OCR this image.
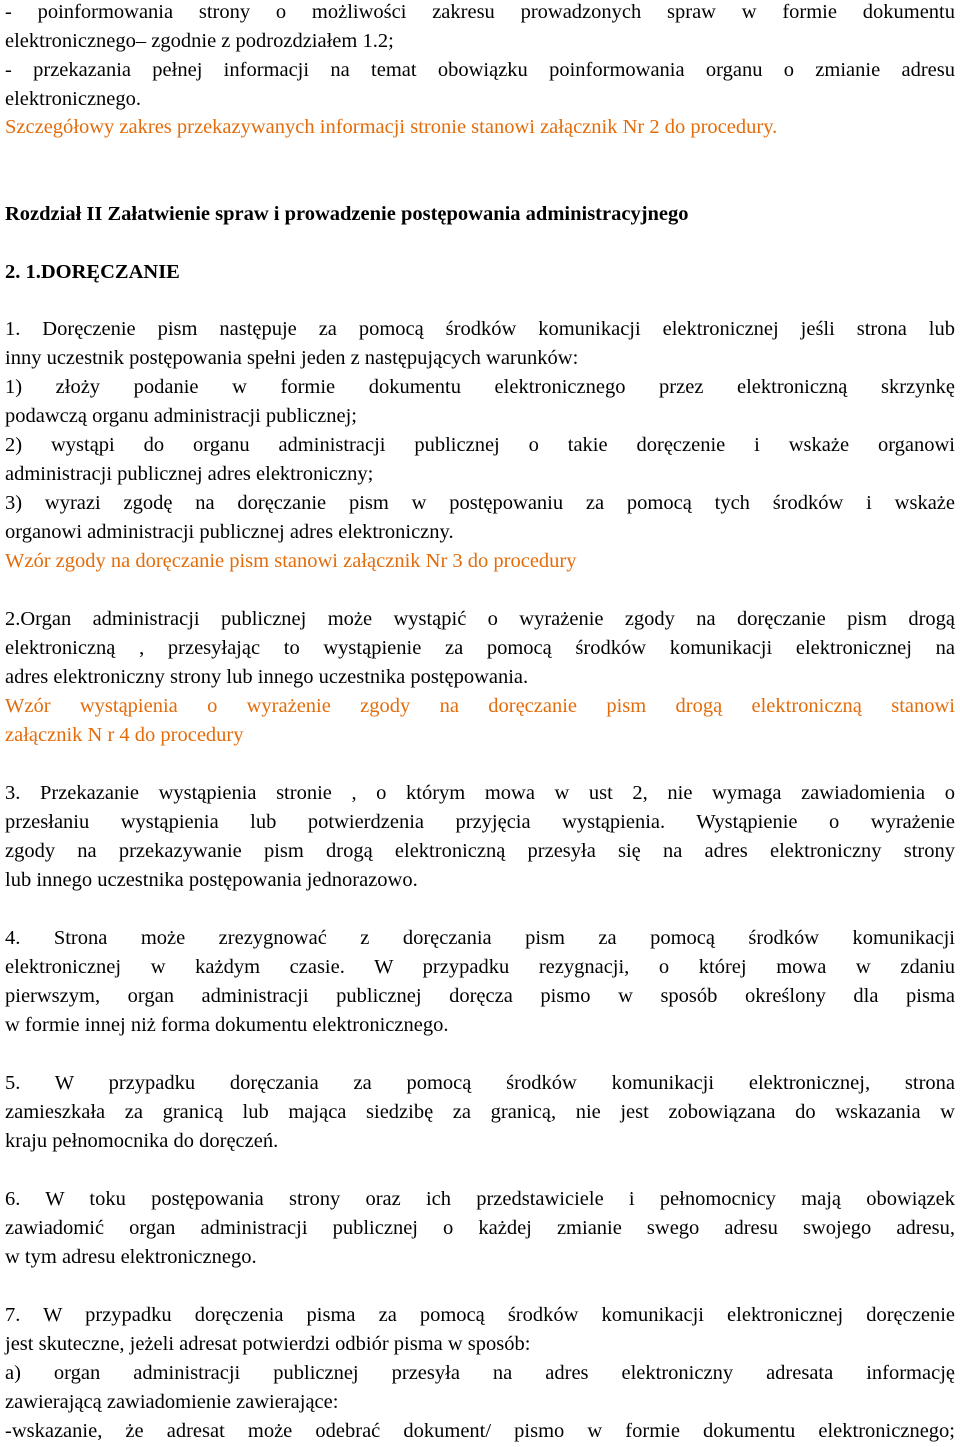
- poinformowania strony o możliwości zakresu prowadzonych spraw w formie dokumentu
elektronicznego– zgodnie z podrozdziałem 1.2;
- przekazania pełnej informacji na temat obowiązku poinformowania organu o zmianie adresu
elektronicznego.
Szczegółowy zakres przekazywanych informacji stronie stanowi załącznik Nr 2 do procedury.
Rozdział II Załatwienie spraw i prowadzenie postępowania administracyjnego
2. 1.DORĘCZANIE
1. Doręczenie pism następuje za pomocą środków komunikacji elektronicznej jeśli strona lub
inny uczestnik postępowania spełni jeden z następujących warunków:
1) złoży podanie w formie dokumentu elektronicznego przez elektroniczną skrzynkę
podawczą organu administracji publicznej;
2) wystąpi do organu administracji publicznej o takie doręczenie i wskaże organowi
administracji publicznej adres elektroniczny;
3) wyrazi zgodę na doręczanie pism w postępowaniu za pomocą tych środków i wskaże
organowi administracji publicznej adres elektroniczny.
Wzór zgody na doręczanie pism stanowi załącznik Nr 3 do procedury
2.Organ administracji publicznej może wystąpić o wyrażenie zgody na doręczanie pism drogą
elektroniczną , przesyłając to wystąpienie za pomocą środków komunikacji elektronicznej na
adres elektroniczny strony lub innego uczestnika postępowania.
Wzór wystąpienia o wyrażenie zgody na doręczanie pism drogą elektroniczną stanowi
załącznik N r 4 do procedury
3. Przekazanie wystąpienia stronie , o którym mowa w ust 2, nie wymaga zawiadomienia o
przesłaniu wystąpienia lub potwierdzenia przyjęcia wystąpienia. Wystąpienie o wyrażenie
zgody na przekazywanie pism drogą elektroniczną przesyła się na adres elektroniczny strony
lub innego uczestnika postępowania jednorazowo.
4. Strona może zrezygnować z doręczania pism za pomocą środków komunikacji
elektronicznej w każdym czasie. W przypadku rezygnacji, o której mowa w zdaniu
pierwszym, organ administracji publicznej doręcza pismo w sposób określony dla pisma
w formie innej niż forma dokumentu elektronicznego.
5. W przypadku doręczania za pomocą środków komunikacji elektronicznej, strona
zamieszkała za granicą lub mająca siedzibę za granicą, nie jest zobowiązana do wskazania w
kraju pełnomocnika do doręczeń.
6. W toku postępowania strony oraz ich przedstawiciele i pełnomocnicy mają obowiązek
zawiadomić organ administracji publicznej o każdej zmianie swego adresu swojego adresu,
w tym adresu elektronicznego.
7. W przypadku doręczenia pisma za pomocą środków komunikacji elektronicznej doręczenie
jest skuteczne, jeżeli adresat potwierdzi odbiór pisma w sposób:
a) organ administracji publicznej przesyła na adres elektroniczny adresata informację
zawierającą zawiadomienie zawierające:
-wskazanie, że adresat może odebrać dokument/ pismo w formie dokumentu elektronicznego;
